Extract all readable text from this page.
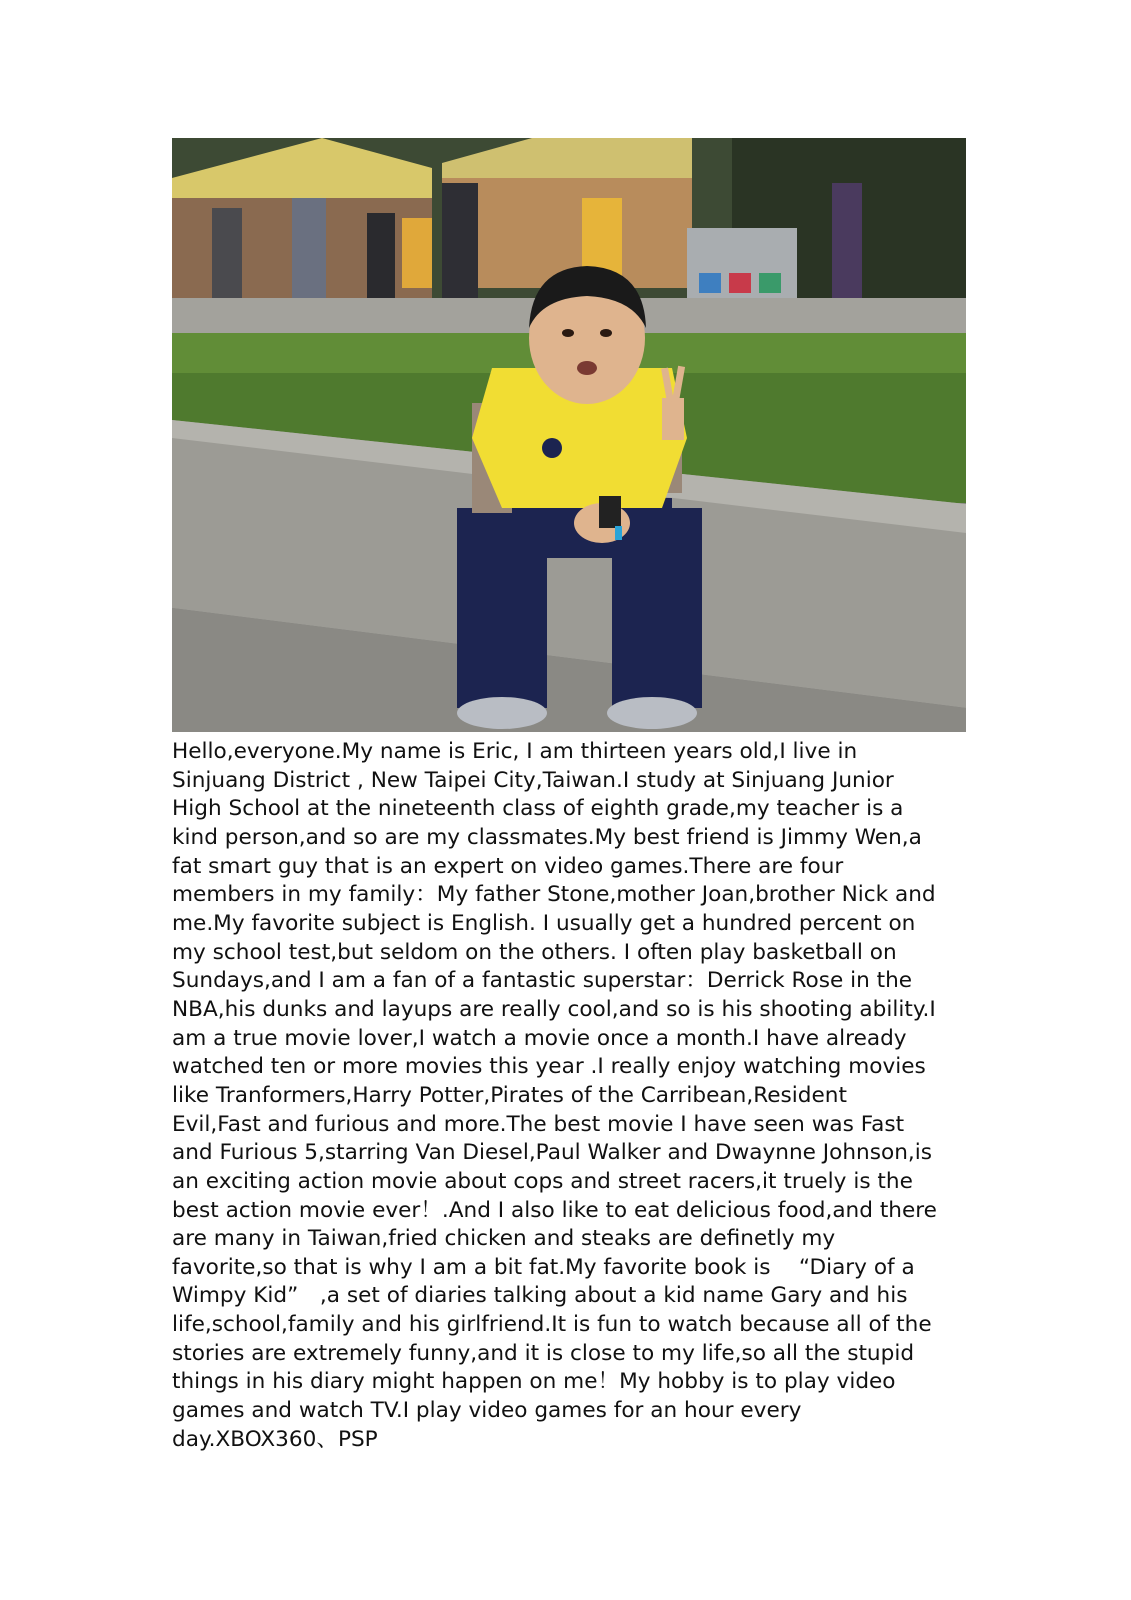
Hello,everyone.My name is Eric, I am thirteen years old,I live in
Sinjuang District , New Taipei City,Taiwan.I study at Sinjuang Junior
High School at the nineteenth class of eighth grade,my teacher is a
kind person,and so are my classmates.My best friend is Jimmy Wen,a
fat smart guy that is an expert on video games.There are four
members in my family：My father Stone,mother Joan,brother Nick and
me.My favorite subject is English. I usually get a hundred percent on
my school test,but seldom on the others. I often play basketball on
Sundays,and I am a fan of a fantastic superstar：Derrick Rose in the
NBA,his dunks and layups are really cool,and so is his shooting ability.I
am a true movie lover,I watch a movie once a month.I have already
watched ten or more movies this year .I really enjoy watching movies
like Tranformers,Harry Potter,Pirates of the Carribean,Resident
Evil,Fast and furious and more.The best movie I have seen was Fast
and Furious 5,starring Van Diesel,Paul Walker and Dwaynne Johnson,is
an exciting action movie about cops and street racers,it truely is the
best action movie ever！.And I also like to eat delicious food,and there
are many in Taiwan,fried chicken and steaks are definetly my
favorite,so that is why I am a bit fat.My favorite book is 　“Diary of a
Wimpy Kid”　,a set of diaries talking about a kid name Gary and his
life,school,family and his girlfriend.It is fun to watch because all of the
stories are extremely funny,and it is close to my life,so all the stupid
things in his diary might happen on me！My hobby is to play video
games and watch TV.I play video games for an hour every
day.XBOX360、PSP
